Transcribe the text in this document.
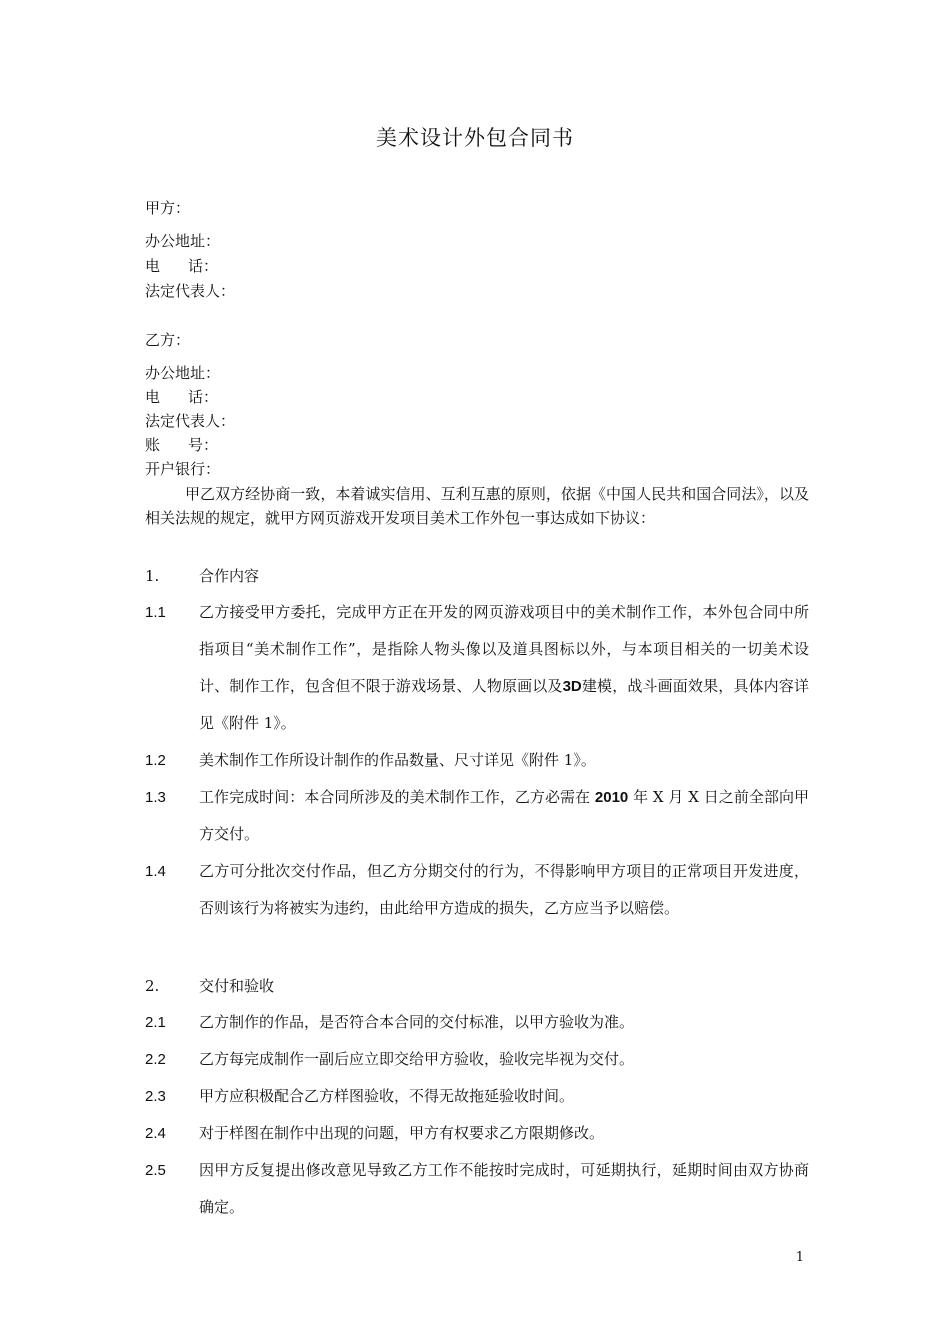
美术设计外包合同书
甲方：
办公地址：
电 话：
法定代表人：
乙方：
办公地址：
电 话：
法定代表人：
账 号：
开户银行：
甲乙双方经协商一致，本着诚实信用、互利互惠的原则，依据《中国人民共和国合同法》，以及相关法规的规定，就甲方网页游戏开发项目美术工作外包一事达成如下协议：
1.	合作内容
1.1 乙方接受甲方委托，完成甲方正在开发的网页游戏项目中的美术制作工作，本外包合同中所指项目“美术制作工作”，是指除人物头像以及道具图标以外，与本项目相关的一切美术设计、制作工作，包含但不限于游戏场景、人物原画以及3D建模，战斗画面效果，具体内容详见《附件 1》。
1.2 美术制作工作所设计制作的作品数量、尺寸详见《附件 1》。
1.3 工作完成时间：本合同所涉及的美术制作工作，乙方必需在 2010 年 X 月 X 日之前全部向甲方交付。
1.4 乙方可分批次交付作品，但乙方分期交付的行为，不得影响甲方项目的正常项目开发进度，否则该行为将被实为违约，由此给甲方造成的损失，乙方应当予以赔偿。
2.	交付和验收
2.1 乙方制作的作品，是否符合本合同的交付标准，以甲方验收为准。
2.2 乙方每完成制作一副后应立即交给甲方验收，验收完毕视为交付。
2.3 甲方应积极配合乙方样图验收，不得无故拖延验收时间。
2.4 对于样图在制作中出现的问题，甲方有权要求乙方限期修改。
2.5 因甲方反复提出修改意见导致乙方工作不能按时完成时，可延期执行，延期时间由双方协商确定。
1
